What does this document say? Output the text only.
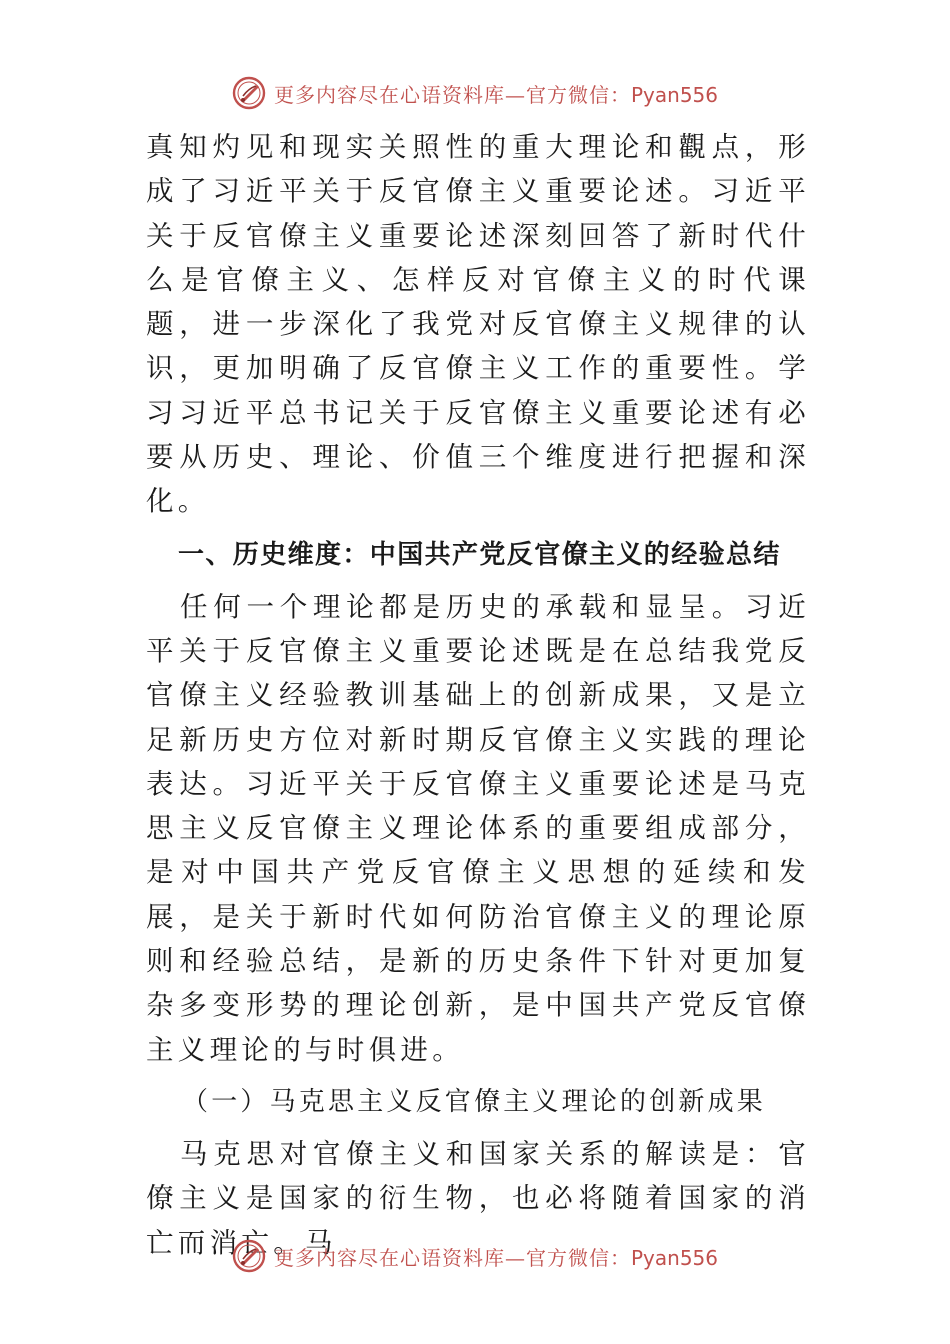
更多内容尽在心语资料库—官方微信：Pyan556

真知灼见和现实关照性的重大理论和觀点，形成了习近平关于反官僚主义重要论述。习近平关于反官僚主义重要论述深刻回答了新时代什么是官僚主义、怎样反对官僚主义的时代课题，进一步深化了我党对反官僚主义规律的认识，更加明确了反官僚主义工作的重要性。学习习近平总书记关于反官僚主义重要论述有必要从历史、理论、价值三个维度进行把握和深化。

一、历史维度：中国共产党反官僚主义的经验总结

任何一个理论都是历史的承载和显呈。习近平关于反官僚主义重要论述既是在总结我党反官僚主义经验教训基础上的创新成果，又是立足新历史方位对新时期反官僚主义实践的理论表达。习近平关于反官僚主义重要论述是马克思主义反官僚主义理论体系的重要组成部分，是对中国共产党反官僚主义思想的延续和发展，是关于新时代如何防治官僚主义的理论原则和经验总结，是新的历史条件下针对更加复杂多变形势的理论创新，是中国共产党反官僚主义理论的与时俱进。

（一）马克思主义反官僚主义理论的创新成果

马克思对官僚主义和国家关系的解读是：官僚主义是国家的衍生物，也必将随着国家的消亡而消亡。马

更多内容尽在心语资料库—官方微信：Pyan556
